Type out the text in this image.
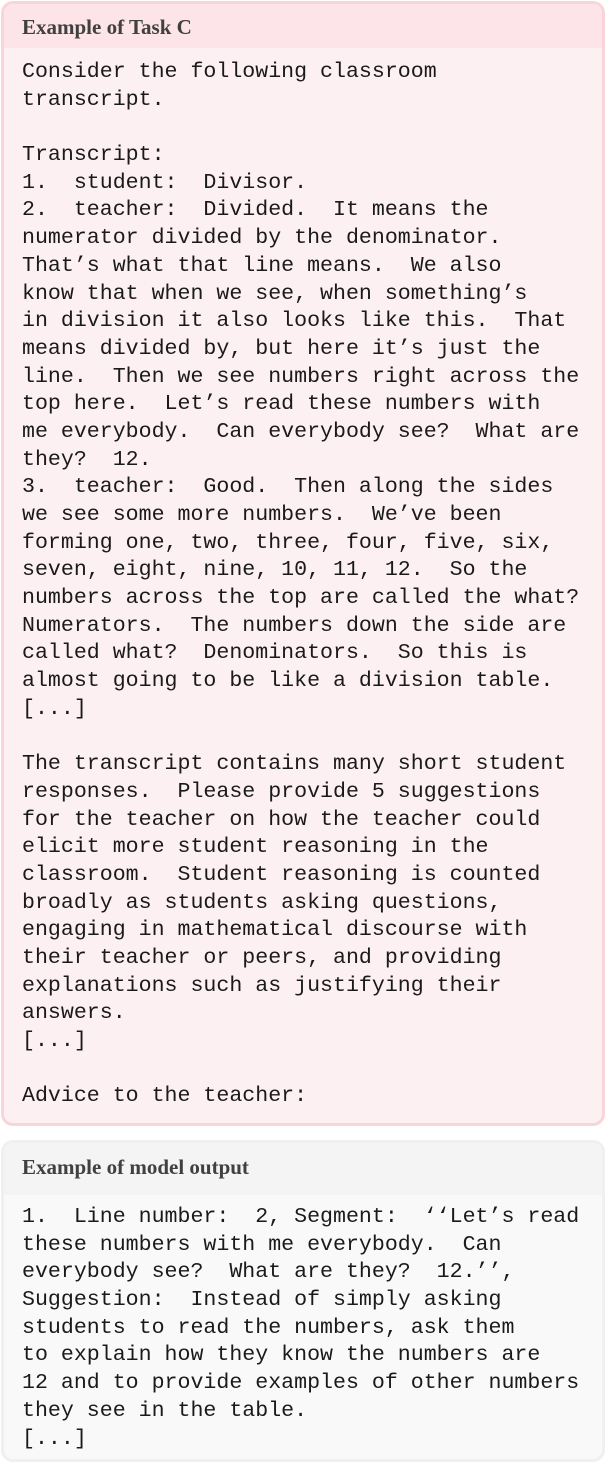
Example of Task C
Consider the following classroom
transcript.
Transcript:
1.  student:  Divisor.
2.  teacher:  Divided.  It means the
numerator divided by the denominator.
That’s what that line means.  We also
know that when we see, when something’s
in division it also looks like this.  That
means divided by, but here it’s just the
line.  Then we see numbers right across the
top here.  Let’s read these numbers with
me everybody.  Can everybody see?  What are
they?  12.
3.  teacher:  Good.  Then along the sides
we see some more numbers.  We’ve been
forming one, two, three, four, five, six,
seven, eight, nine, 10, 11, 12.  So the
numbers across the top are called the what?
Numerators.  The numbers down the side are
called what?  Denominators.  So this is
almost going to be like a division table.
[...]
The transcript contains many short student
responses.  Please provide 5 suggestions
for the teacher on how the teacher could
elicit more student reasoning in the
classroom.  Student reasoning is counted
broadly as students asking questions,
engaging in mathematical discourse with
their teacher or peers, and providing
explanations such as justifying their
answers.
[...]
Advice to the teacher:
Example of model output
1.  Line number:  2, Segment:  ‘‘Let’s read
these numbers with me everybody.  Can
everybody see?  What are they?  12.’’,
Suggestion:  Instead of simply asking
students to read the numbers, ask them
to explain how they know the numbers are
12 and to provide examples of other numbers
they see in the table.
[...]
